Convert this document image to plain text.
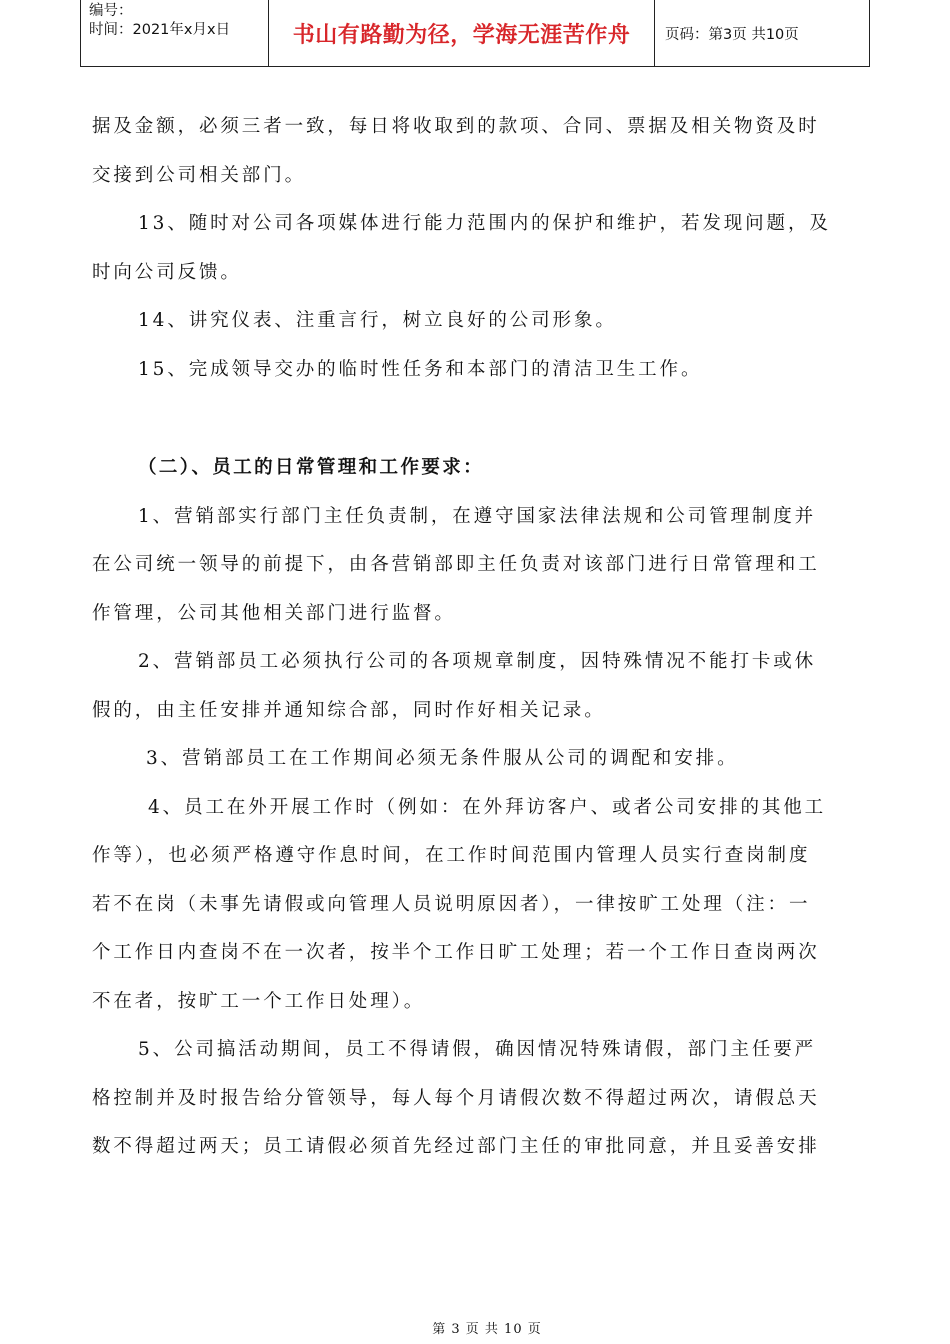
编号：
时间：2021年x月x日	书山有路勤为径，学海无涯苦作舟	页码：第3页 共10页
据及金额，必须三者一致，每日将收取到的款项、合同、票据及相关物资及时
交接到公司相关部门。
13、随时对公司各项媒体进行能力范围内的保护和维护，若发现问题，及
时向公司反馈。
14、讲究仪表、注重言行，树立良好的公司形象。
15、完成领导交办的临时性任务和本部门的清洁卫生工作。
（二）、员工的日常管理和工作要求：
1、营销部实行部门主任负责制，在遵守国家法律法规和公司管理制度并
在公司统一领导的前提下，由各营销部即主任负责对该部门进行日常管理和工
作管理，公司其他相关部门进行监督。
2、营销部员工必须执行公司的各项规章制度，因特殊情况不能打卡或休
假的，由主任安排并通知综合部，同时作好相关记录。
3、营销部员工在工作期间必须无条件服从公司的调配和安排。
4、员工在外开展工作时（例如：在外拜访客户、或者公司安排的其他工
作等），也必须严格遵守作息时间，在工作时间范围内管理人员实行查岗制度
若不在岗（未事先请假或向管理人员说明原因者），一律按旷工处理（注：一
个工作日内查岗不在一次者，按半个工作日旷工处理；若一个工作日查岗两次
不在者，按旷工一个工作日处理）。
5、公司搞活动期间，员工不得请假，确因情况特殊请假，部门主任要严
格控制并及时报告给分管领导，每人每个月请假次数不得超过两次，请假总天
数不得超过两天；员工请假必须首先经过部门主任的审批同意，并且妥善安排
第 3 页 共 10 页
